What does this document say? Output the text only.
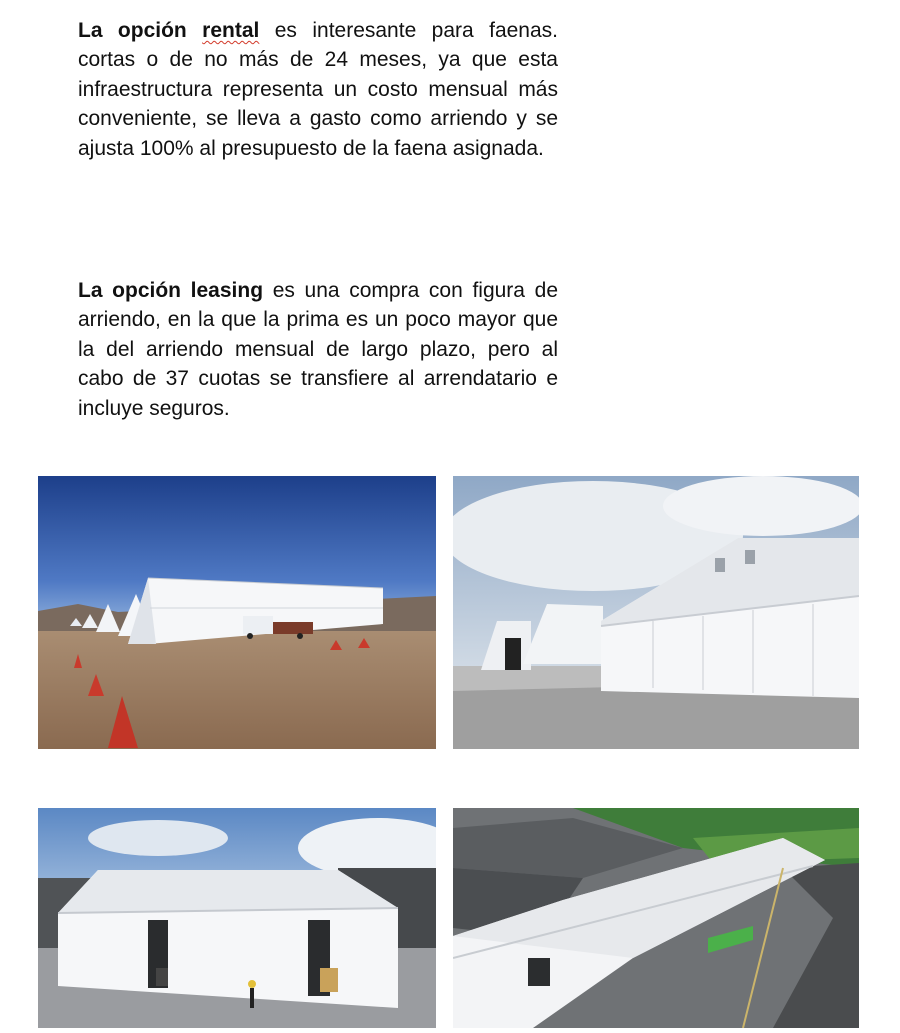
La opción rental es interesante para faenas. cortas o de no más de 24 meses, ya que esta infraestructura representa un costo mensual más conveniente, se lleva a gasto como arriendo y se ajusta 100% al presupuesto de la faena asignada.

La opción leasing es una compra con figura de arriendo, en la que la prima es un poco mayor que la del arriendo mensual de largo plazo, pero al cabo de 37 cuotas se transfiere al arrendatario e incluye seguros.
